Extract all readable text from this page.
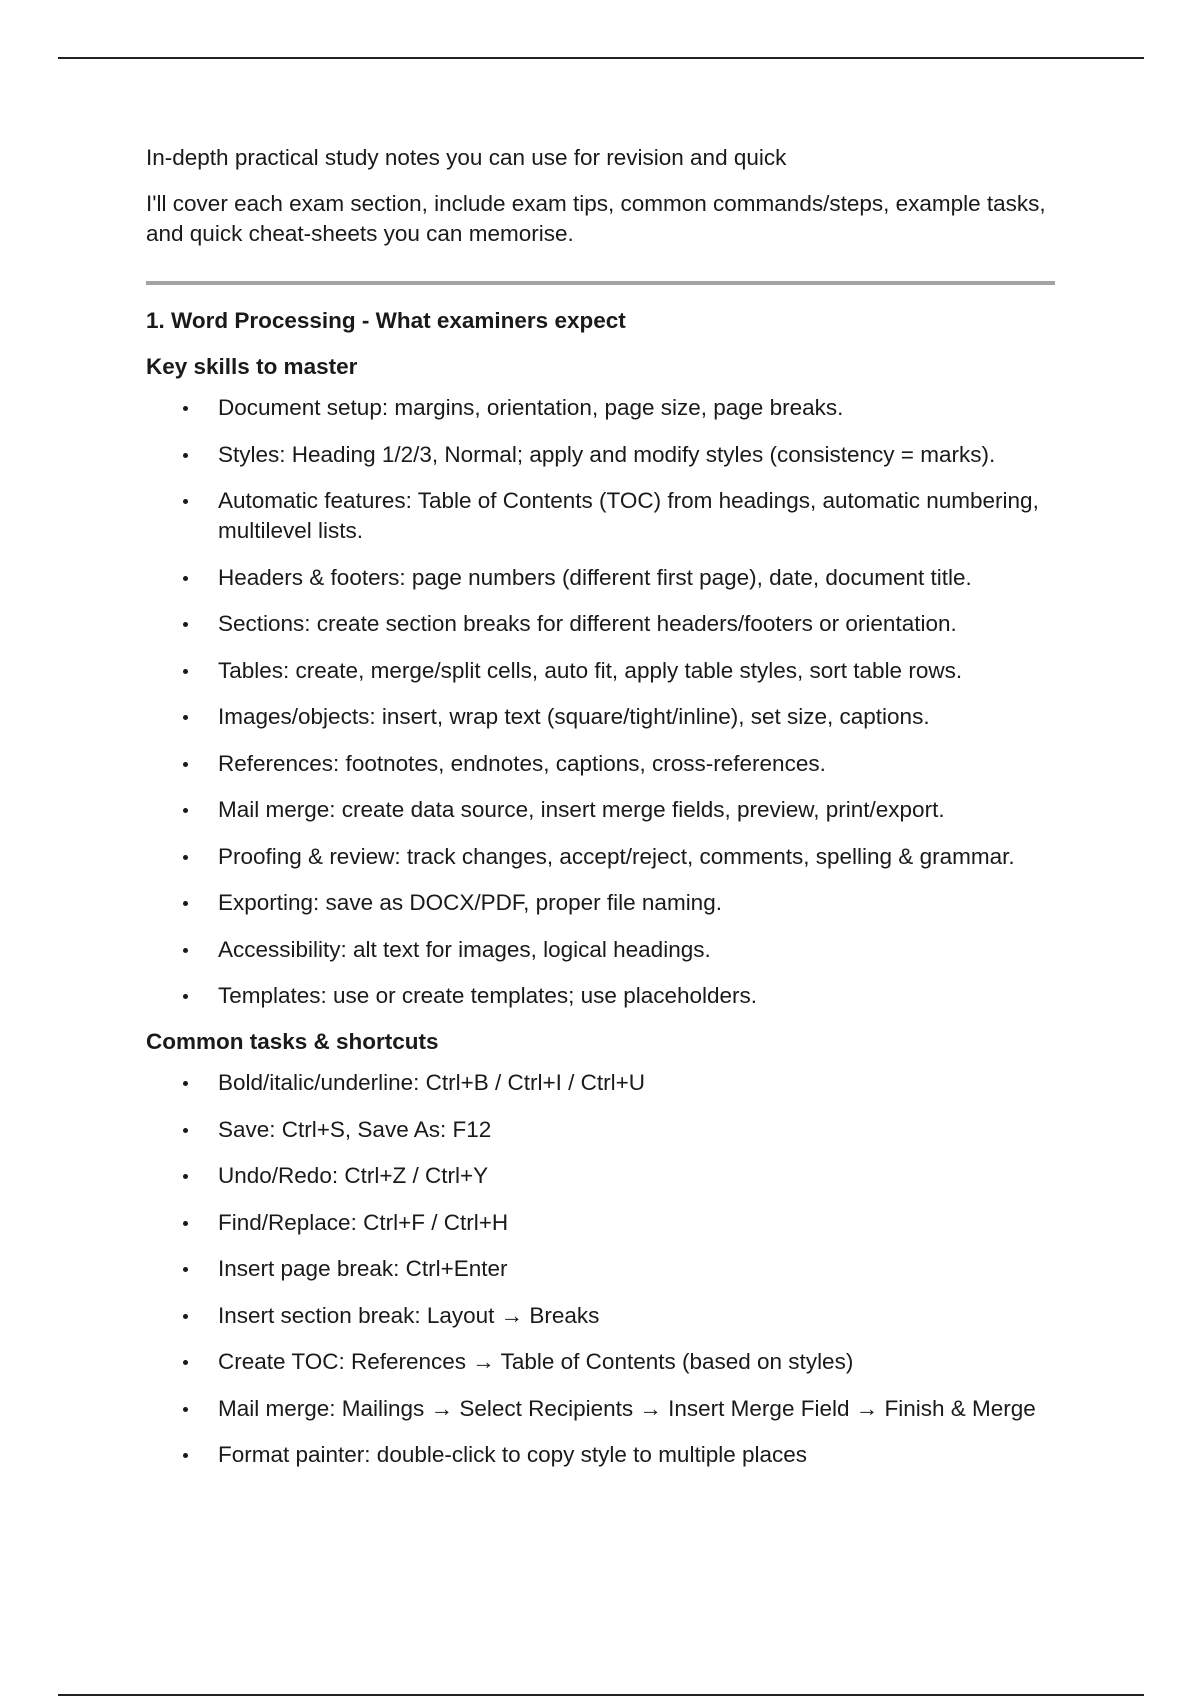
In-depth practical study notes you can use for revision and quick

I'll cover each exam section, include exam tips, common commands/steps, example tasks, and quick cheat-sheets you can memorise.

1. Word Processing - What examiners expect
Key skills to master
Document setup: margins, orientation, page size, page breaks.
Styles: Heading 1/2/3, Normal; apply and modify styles (consistency = marks).
Automatic features: Table of Contents (TOC) from headings, automatic numbering, multilevel lists.
Headers & footers: page numbers (different first page), date, document title.
Sections: create section breaks for different headers/footers or orientation.
Tables: create, merge/split cells, auto fit, apply table styles, sort table rows.
Images/objects: insert, wrap text (square/tight/inline), set size, captions.
References: footnotes, endnotes, captions, cross-references.
Mail merge: create data source, insert merge fields, preview, print/export.
Proofing & review: track changes, accept/reject, comments, spelling & grammar.
Exporting: save as DOCX/PDF, proper file naming.
Accessibility: alt text for images, logical headings.
Templates: use or create templates; use placeholders.
Common tasks & shortcuts
Bold/italic/underline: Ctrl+B / Ctrl+I / Ctrl+U
Save: Ctrl+S, Save As: F12
Undo/Redo: Ctrl+Z / Ctrl+Y
Find/Replace: Ctrl+F / Ctrl+H
Insert page break: Ctrl+Enter
Insert section break: Layout → Breaks
Create TOC: References → Table of Contents (based on styles)
Mail merge: Mailings → Select Recipients → Insert Merge Field → Finish & Merge
Format painter: double-click to copy style to multiple places
